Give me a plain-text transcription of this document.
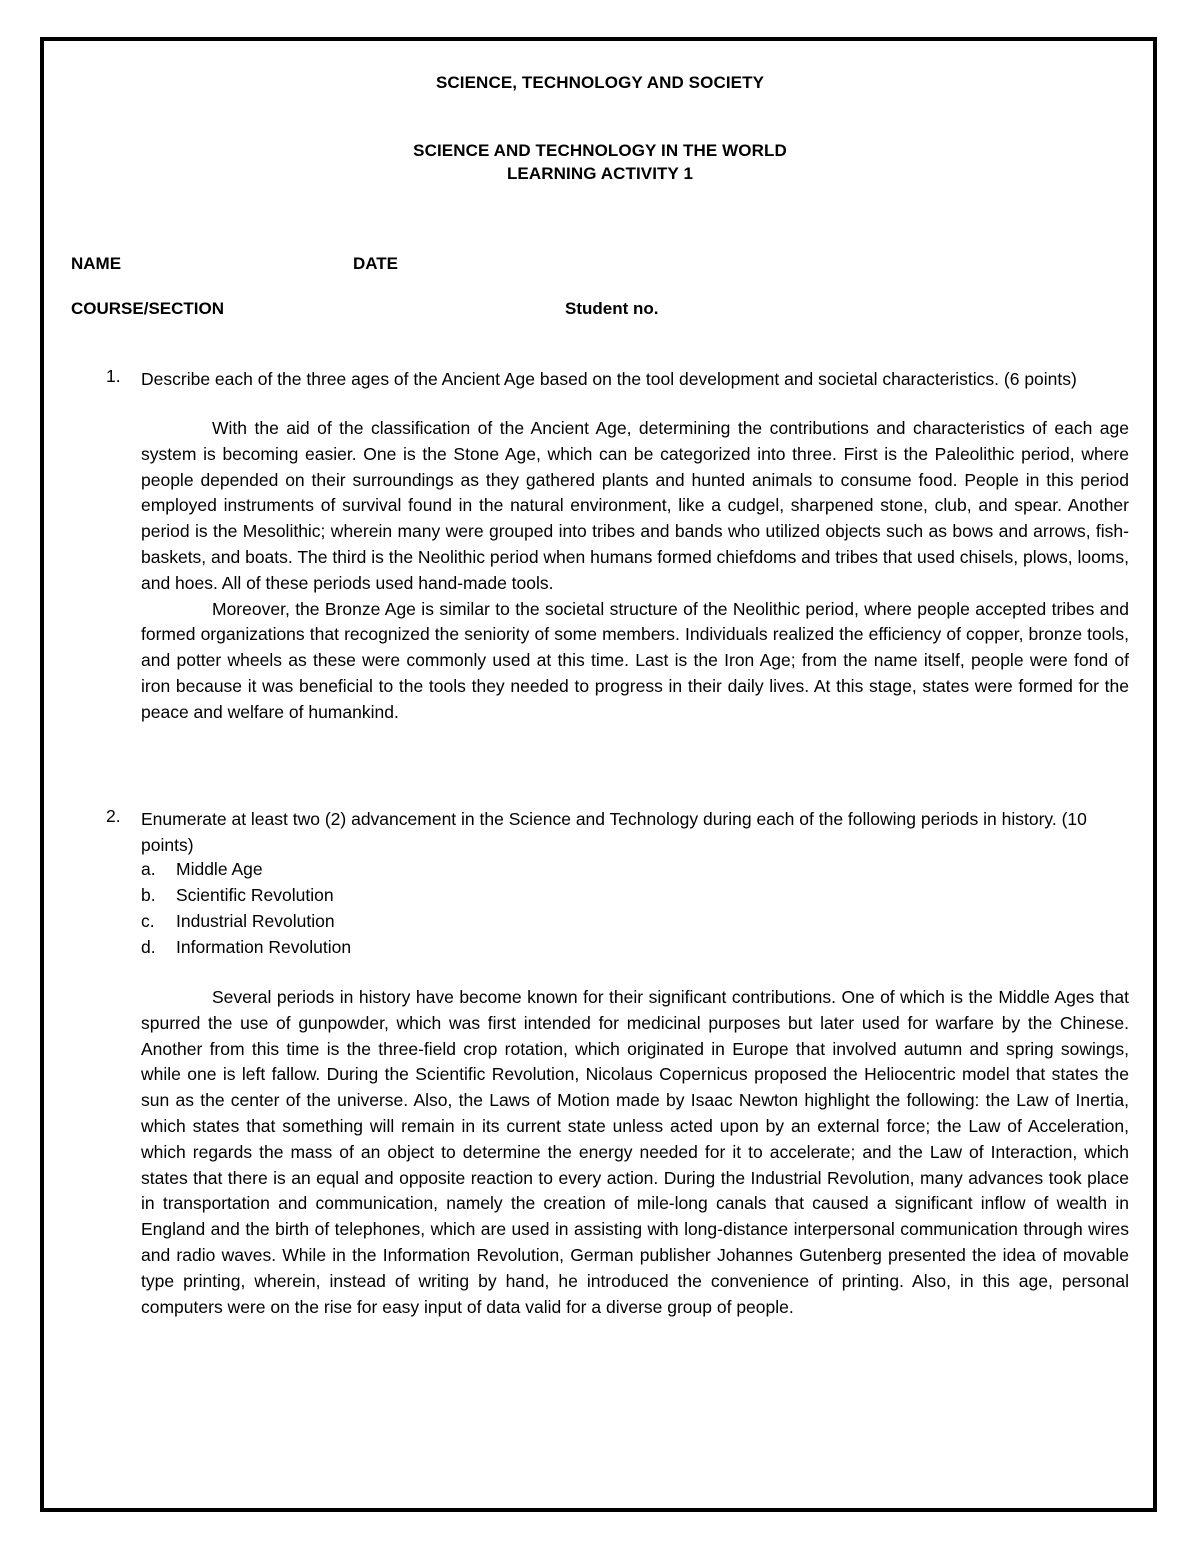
SCIENCE, TECHNOLOGY AND SOCIETY
SCIENCE AND TECHNOLOGY IN THE WORLD
LEARNING ACTIVITY 1
NAME	DATE
COURSE/SECTION	Student no.
1. Describe each of the three ages of the Ancient Age based on the tool development and societal characteristics. (6 points)

With the aid of the classification of the Ancient Age, determining the contributions and characteristics of each age system is becoming easier. One is the Stone Age, which can be categorized into three. First is the Paleolithic period, where people depended on their surroundings as they gathered plants and hunted animals to consume food. People in this period employed instruments of survival found in the natural environment, like a cudgel, sharpened stone, club, and spear. Another period is the Mesolithic; wherein many were grouped into tribes and bands who utilized objects such as bows and arrows, fish-baskets, and boats. The third is the Neolithic period when humans formed chiefdoms and tribes that used chisels, plows, looms, and hoes. All of these periods used hand-made tools.

Moreover, the Bronze Age is similar to the societal structure of the Neolithic period, where people accepted tribes and formed organizations that recognized the seniority of some members. Individuals realized the efficiency of copper, bronze tools, and potter wheels as these were commonly used at this time. Last is the Iron Age; from the name itself, people were fond of iron because it was beneficial to the tools they needed to progress in their daily lives. At this stage, states were formed for the peace and welfare of humankind.

2. Enumerate at least two (2) advancement in the Science and Technology during each of the following periods in history. (10 points)
a.	Middle Age
b.	Scientific Revolution
c.	Industrial Revolution
d.	Information Revolution

Several periods in history have become known for their significant contributions. One of which is the Middle Ages that spurred the use of gunpowder, which was first intended for medicinal purposes but later used for warfare by the Chinese. Another from this time is the three-field crop rotation, which originated in Europe that involved autumn and spring sowings, while one is left fallow. During the Scientific Revolution, Nicolaus Copernicus proposed the Heliocentric model that states the sun as the center of the universe. Also, the Laws of Motion made by Isaac Newton highlight the following: the Law of Inertia, which states that something will remain in its current state unless acted upon by an external force; the Law of Acceleration, which regards the mass of an object to determine the energy needed for it to accelerate; and the Law of Interaction, which states that there is an equal and opposite reaction to every action. During the Industrial Revolution, many advances took place in transportation and communication, namely the creation of mile-long canals that caused a significant inflow of wealth in England and the birth of telephones, which are used in assisting with long-distance interpersonal communication through wires and radio waves. While in the Information Revolution, German publisher Johannes Gutenberg presented the idea of movable type printing, wherein, instead of writing by hand, he introduced the convenience of printing. Also, in this age, personal computers were on the rise for easy input of data valid for a diverse group of people.
